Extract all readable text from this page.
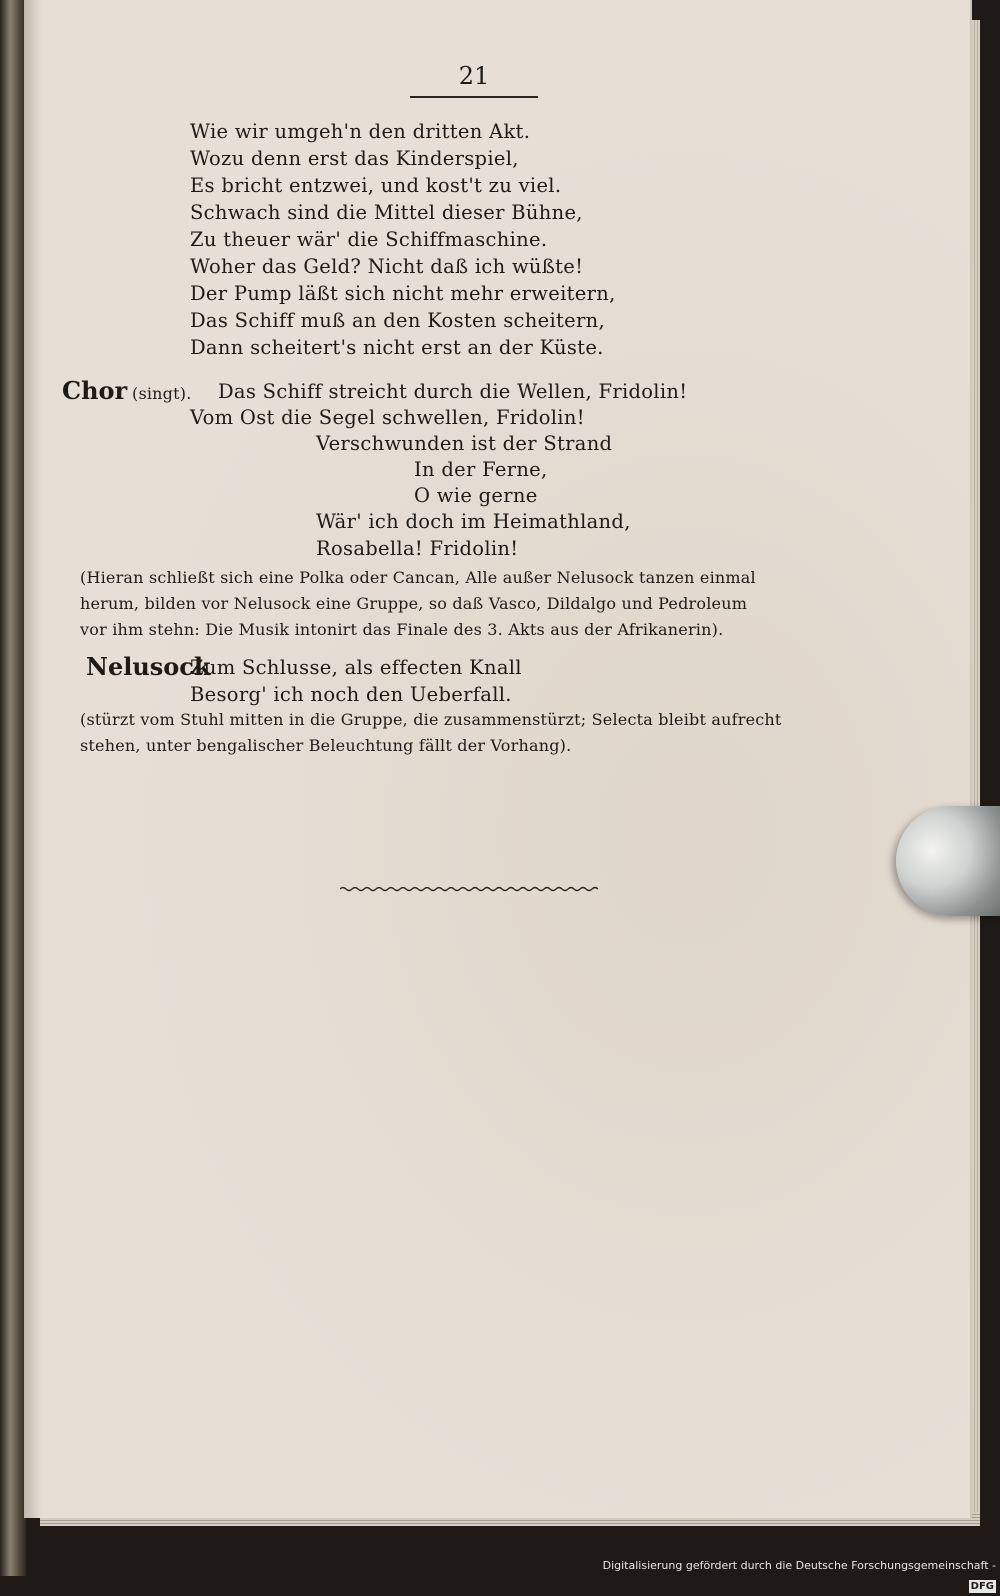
21
Wie wir umgeh'n den dritten Akt.
Wozu denn erst das Kinderspiel,
Es bricht entzwei, und kost't zu viel.
Schwach sind die Mittel dieser Bühne,
Zu theuer wär' die Schiffmaschine.
Woher das Geld? Nicht daß ich wüßte!
Der Pump läßt sich nicht mehr erweitern,
Das Schiff muß an den Kosten scheitern,
Dann scheitert's nicht erst an der Küste.
Chor (singt). Das Schiff streicht durch die Wellen, Fridolin!
Vom Ost die Segel schwellen, Fridolin!
Verschwunden ist der Strand
In der Ferne,
O wie gerne
Wär' ich doch im Heimathland,
Rosabella! Fridolin!
(Hieran schließt sich eine Polka oder Cancan, Alle außer Nelusock tanzen einmal
herum, bilden vor Nelusock eine Gruppe, so daß Vasco, Dildalgo und Pedroleum
vor ihm stehn: Die Musik intonirt das Finale des 3. Akts aus der Afrikanerin).
Nelusock
Zum Schlusse, als effecten Knall
Besorg' ich noch den Ueberfall.
(stürzt vom Stuhl mitten in die Gruppe, die zusammenstürzt; Selecta bleibt aufrecht
stehen, unter bengalischer Beleuchtung fällt der Vorhang).
Digitalisierung gefördert durch die Deutsche Forschungsgemeinschaft -DFG
